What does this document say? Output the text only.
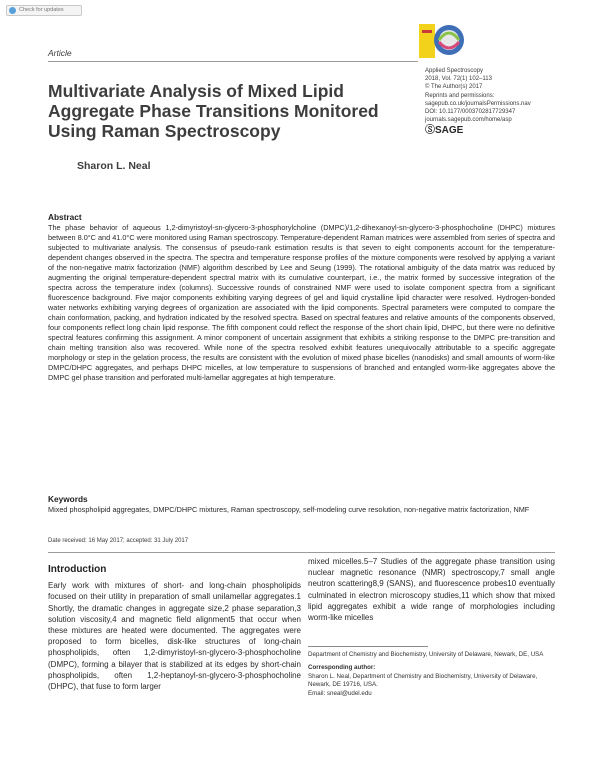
Check for updates
Article
Applied Spectroscopy
2018, Vol. 72(1) 102–113
© The Author(s) 2017
Reprints and permissions:
sagepub.co.uk/journalsPermissions.nav
DOI: 10.1177/0003702817729347
journals.sagepub.com/home/asp
ⓈSAGE
Multivariate Analysis of Mixed Lipid Aggregate Phase Transitions Monitored Using Raman Spectroscopy
Sharon L. Neal
Abstract

The phase behavior of aqueous 1,2-dimyristoyl-sn-glycero-3-phosphorylcholine (DMPC)/1,2-dihexanoyl-sn-glycero-3-phosphocholine (DHPC) mixtures between 8.0°C and 41.0°C were monitored using Raman spectroscopy. Temperature-dependent Raman matrices were assembled from series of spectra and subjected to multivariate analysis. The consensus of pseudo-rank estimation results is that seven to eight components account for the temperature-dependent changes observed in the spectra. The spectra and temperature response profiles of the mixture components were resolved by applying a variant of the non-negative matrix factorization (NMF) algorithm described by Lee and Seung (1999). The rotational ambiguity of the data matrix was reduced by augmenting the original temperature-dependent spectral matrix with its cumulative counterpart, i.e., the matrix formed by successive integration of the spectra across the temperature index (columns). Successive rounds of constrained NMF were used to isolate component spectra from a significant fluorescence background. Five major components exhibiting varying degrees of gel and liquid crystalline lipid character were resolved. Hydrogen-bonded water networks exhibiting varying degrees of organization are associated with the lipid components. Spectral parameters were computed to compare the chain conformation, packing, and hydration indicated by the resolved spectra. Based on spectral features and relative amounts of the components observed, four components reflect long chain lipid response. The fifth component could reflect the response of the short chain lipid, DHPC, but there were no definitive spectral features confirming this assignment. A minor component of uncertain assignment that exhibits a striking response to the DMPC pre-transition and chain melting transition also was recovered. While none of the spectra resolved exhibit features unequivocally attributable to a specific aggregate morphology or step in the gelation process, the results are consistent with the evolution of mixed phase bicelles (nanodisks) and small amounts of worm-like DMPC/DHPC aggregates, and perhaps DHPC micelles, at low temperature to suspensions of branched and entangled worm-like aggregates above the DMPC gel phase transition and perforated multi-lamellar aggregates at high temperature.

Keywords

Mixed phospholipid aggregates, DMPC/DHPC mixtures, Raman spectroscopy, self-modeling curve resolution, non-negative matrix factorization, NMF

Date received: 16 May 2017; accepted: 31 July 2017
Introduction

Early work with mixtures of short- and long-chain phospholipids focused on their utility in preparation of small unilamellar aggregates.1 Shortly, the dramatic changes in aggregate size,2 phase separation,3 solution viscosity,4 and magnetic field alignment5 that occur when these mixtures are heated were documented. The aggregates were proposed to form bicelles, disk-like structures of long-chain phospholipids, often 1,2-dimyristoyl-sn-glycero-3-phosphocholine (DMPC), forming a bilayer that is stabilized at its edges by short-chain phospholipids, often 1,2-heptanoyl-sn-glycero-3-phosphocholine (DHPC), that fuse to form larger

mixed micelles.5–7 Studies of the aggregate phase transition using nuclear magnetic resonance (NMR) spectroscopy,7 small angle neutron scattering8,9 (SANS), and fluorescence probes10 eventually culminated in electron microscopy studies,11 which show that mixed lipid aggregates exhibit a wide range of morphologies including worm-like micelles

Department of Chemistry and Biochemistry, University of Delaware, Newark, DE, USA
Corresponding author:
Sharon L. Neal, Department of Chemistry and Biochemistry, University of Delaware, Newark, DE 19716, USA.
Email: sneal@udel.edu
